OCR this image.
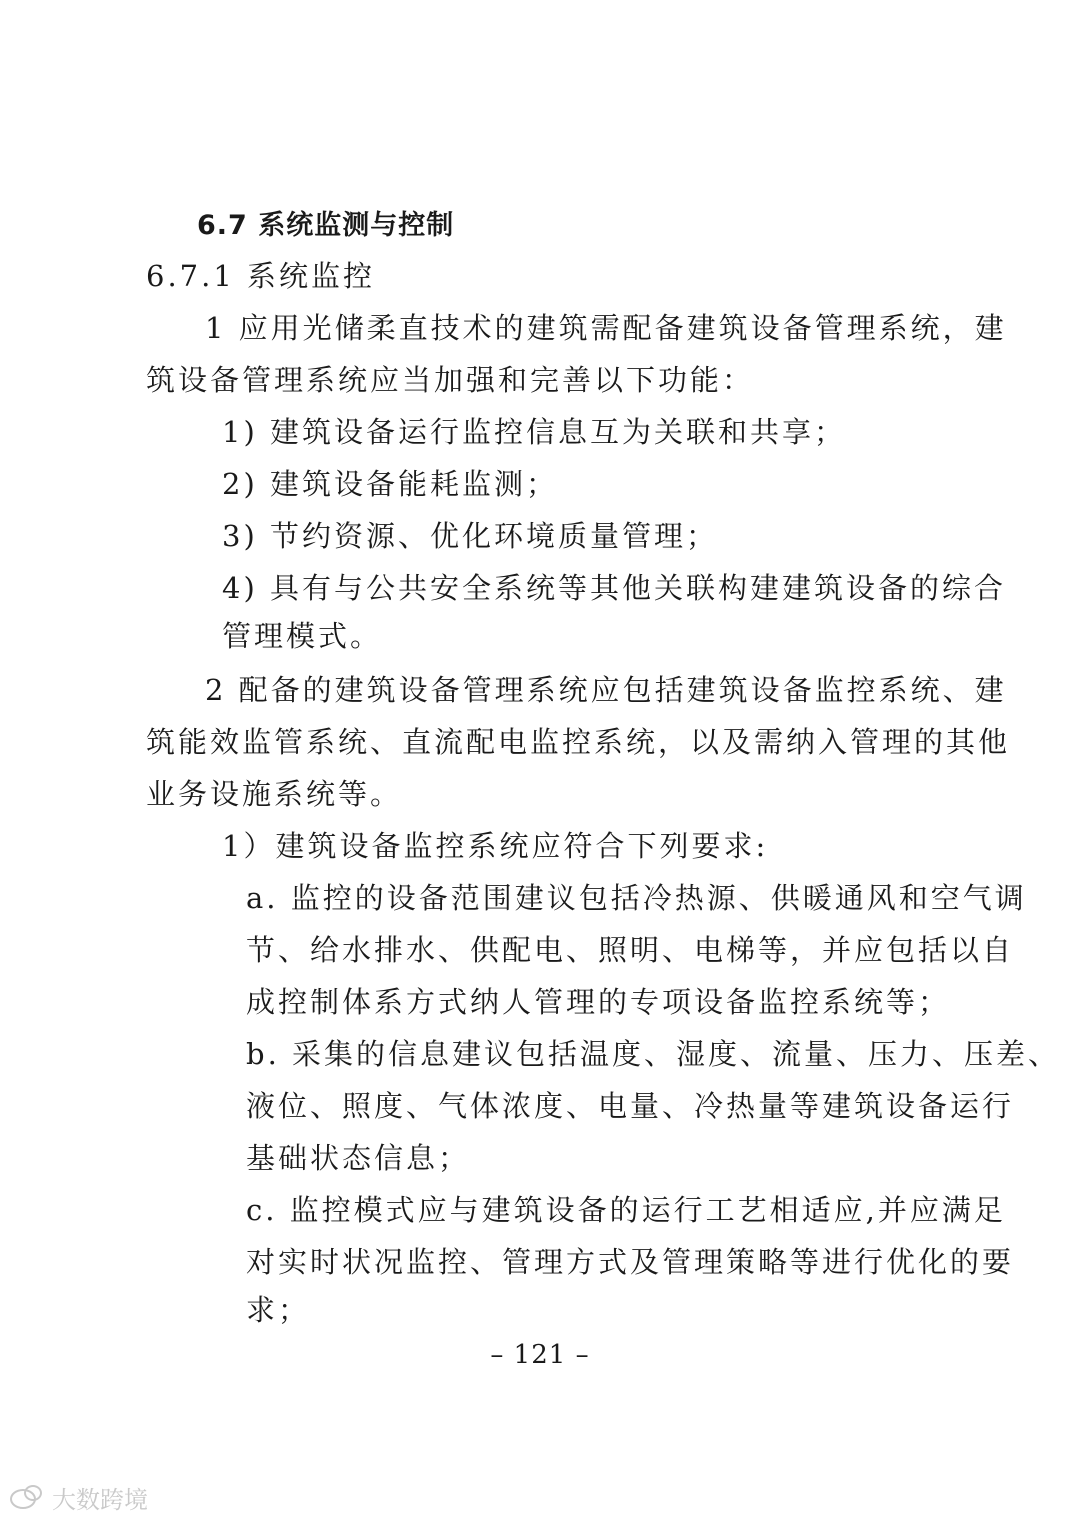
6.7 系统监测与控制
6.7.1 系统监控
1 应用光储柔直技术的建筑需配备建筑设备管理系统，建
筑设备管理系统应当加强和完善以下功能：
1) 建筑设备运行监控信息互为关联和共享；
2) 建筑设备能耗监测；
3) 节约资源、优化环境质量管理；
4) 具有与公共安全系统等其他关联构建建筑设备的综合
管理模式。
2 配备的建筑设备管理系统应包括建筑设备监控系统、建
筑能效监管系统、直流配电监控系统，以及需纳入管理的其他
业务设施系统等。
1）建筑设备监控系统应符合下列要求:
a. 监控的设备范围建议包括冷热源、供暖通风和空气调
节、给水排水、供配电、照明、电梯等，并应包括以自
成控制体系方式纳人管理的专项设备监控系统等；
b. 采集的信息建议包括温度、湿度、流量、压力、压差、
液位、照度、气体浓度、电量、冷热量等建筑设备运行
基础状态信息；
c. 监控模式应与建筑设备的运行工艺相适应,并应满足
对实时状况监控、管理方式及管理策略等进行优化的要
求；
– 121 –
大数跨境
